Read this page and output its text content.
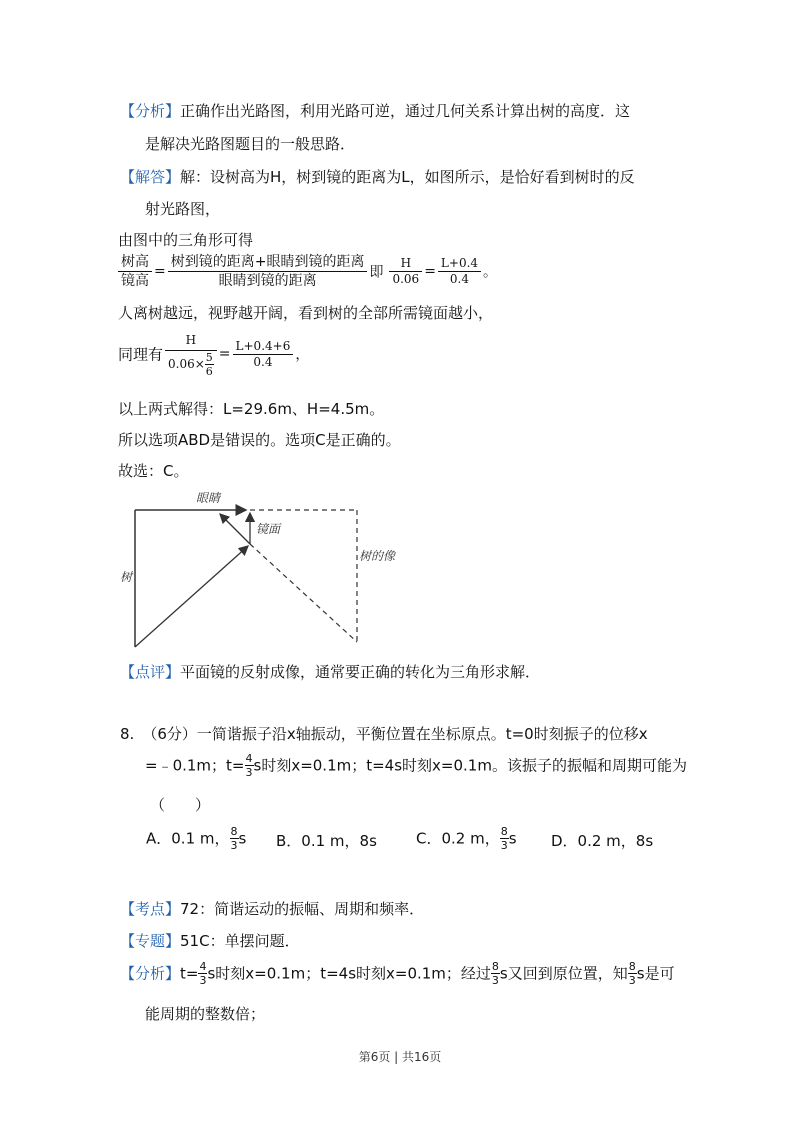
【分析】正确作出光路图，利用光路可逆，通过几何关系计算出树的高度．这
是解决光路图题目的一般思路．
【解答】解：设树高为H，树到镜的距离为L，如图所示，是恰好看到树时的反
射光路图，
由图中的三角形可得
$\frac{\text{树高}}{\text{镜高}} = \frac{\text{树到镜的距离+眼睛到镜的距离}}{\text{眼睛到镜的距离}}$ 即 $\frac{H}{0.06} = \frac{L+0.4}{0.4}$ 。
人离树越远，视野越开阔，看到树的全部所需镜面越小，
同理有 $\frac{H}{0.06\times \frac{5}{6}} = \frac{L+0.4+6}{0.4}$ ，
以上两式解得：L=29.6m、H=4.5m。
所以选项ABD是错误的。选项C是正确的。
故选：C。
眼睛
镜面
树
树的像
【点评】平面镜的反射成像，通常要正确的转化为三角形求解．
8. （6分）一简谐振子沿x轴振动，平衡位置在坐标原点。t=0时刻振子的位移x
=﹣0.1m；$t= \frac{4}{3}$ s时刻x=0.1m；t=4s时刻x=0.1m。该振子的振幅和周期可能为
（　　）
A．0.1 m， $\frac{8}{3}$ s B．0.1 m，8s	C．0.2 m， $\frac{8}{3}$ s D．0.2 m，8s
【考点】72：简谐运动的振幅、周期和频率．
【专题】51C：单摆问题．
【分析】$t= \frac{4}{3}$ s时刻x=0.1m；t=4s时刻x=0.1m；经过 $\frac{8}{3}$ s又回到原位置，知 $\frac{8}{3}$ s是可
能周期的整数倍；
第6页 | 共16页
